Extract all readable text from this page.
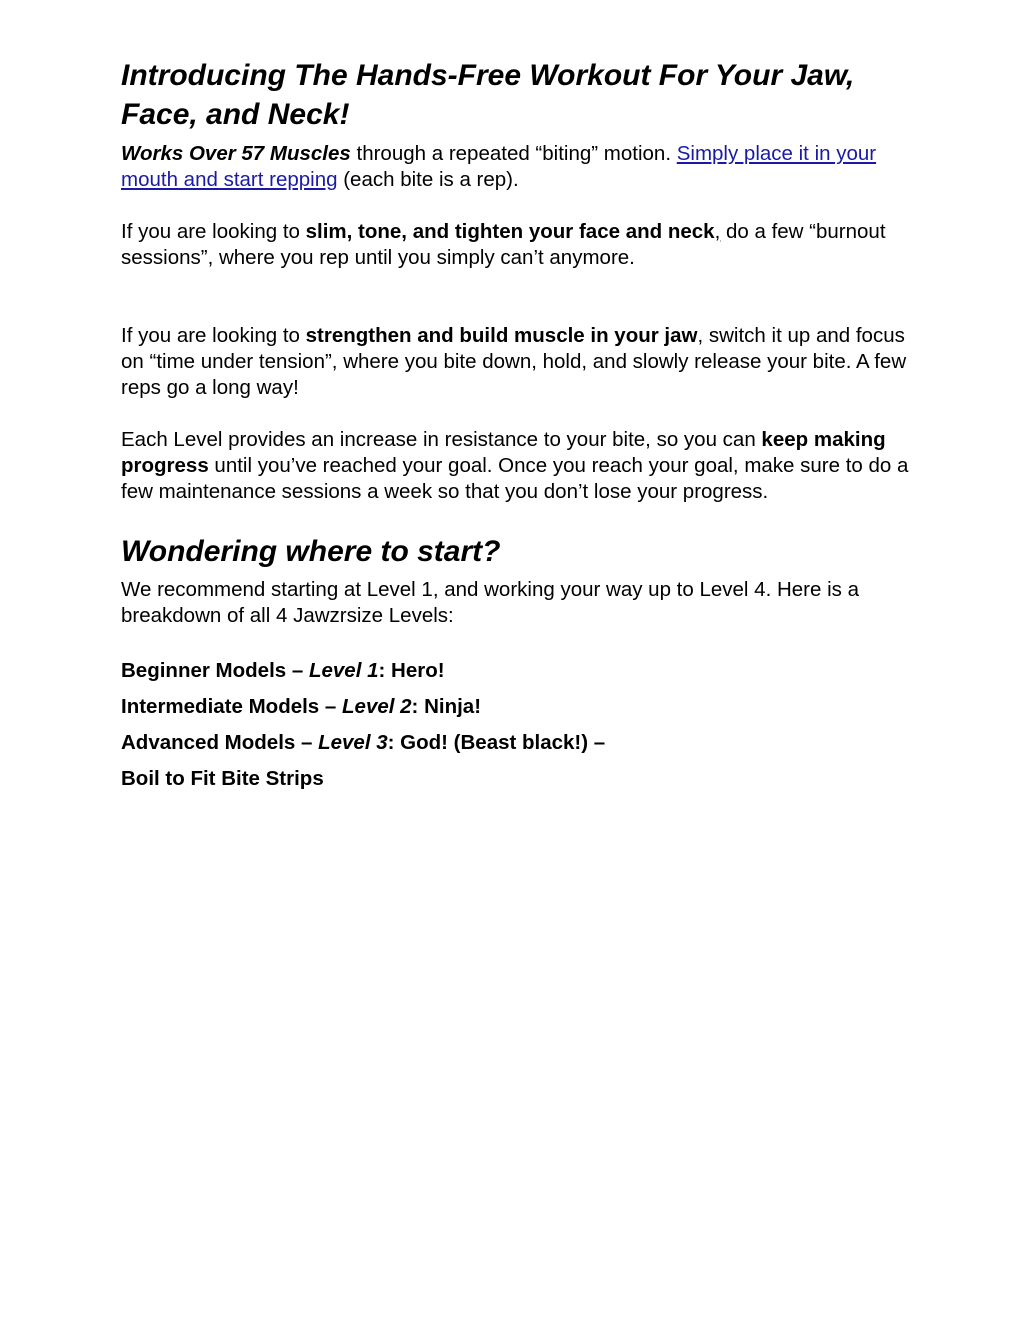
Introducing The Hands-Free Workout For Your Jaw, Face, and Neck!

Works Over 57 Muscles through a repeated “biting” motion. Simply place it in your mouth and start repping (each bite is a rep).

If you are looking to slim, tone, and tighten your face and neck, do a few “burnout sessions”, where you rep until you simply can’t anymore.

If you are looking to strengthen and build muscle in your jaw, switch it up and focus on “time under tension”, where you bite down, hold, and slowly release your bite. A few reps go a long way!

Each Level provides an increase in resistance to your bite, so you can keep making progress until you’ve reached your goal. Once you reach your goal, make sure to do a few maintenance sessions a week so that you don’t lose your progress.

Wondering where to start?

We recommend starting at Level 1, and working your way up to Level 4. Here is a breakdown of all 4 Jawzrsize Levels:

Beginner Models – Level 1: Hero!
Intermediate Models – Level 2: Ninja!
Advanced Models – Level 3: God! (Beast black!) –
Boil to Fit Bite Strips
